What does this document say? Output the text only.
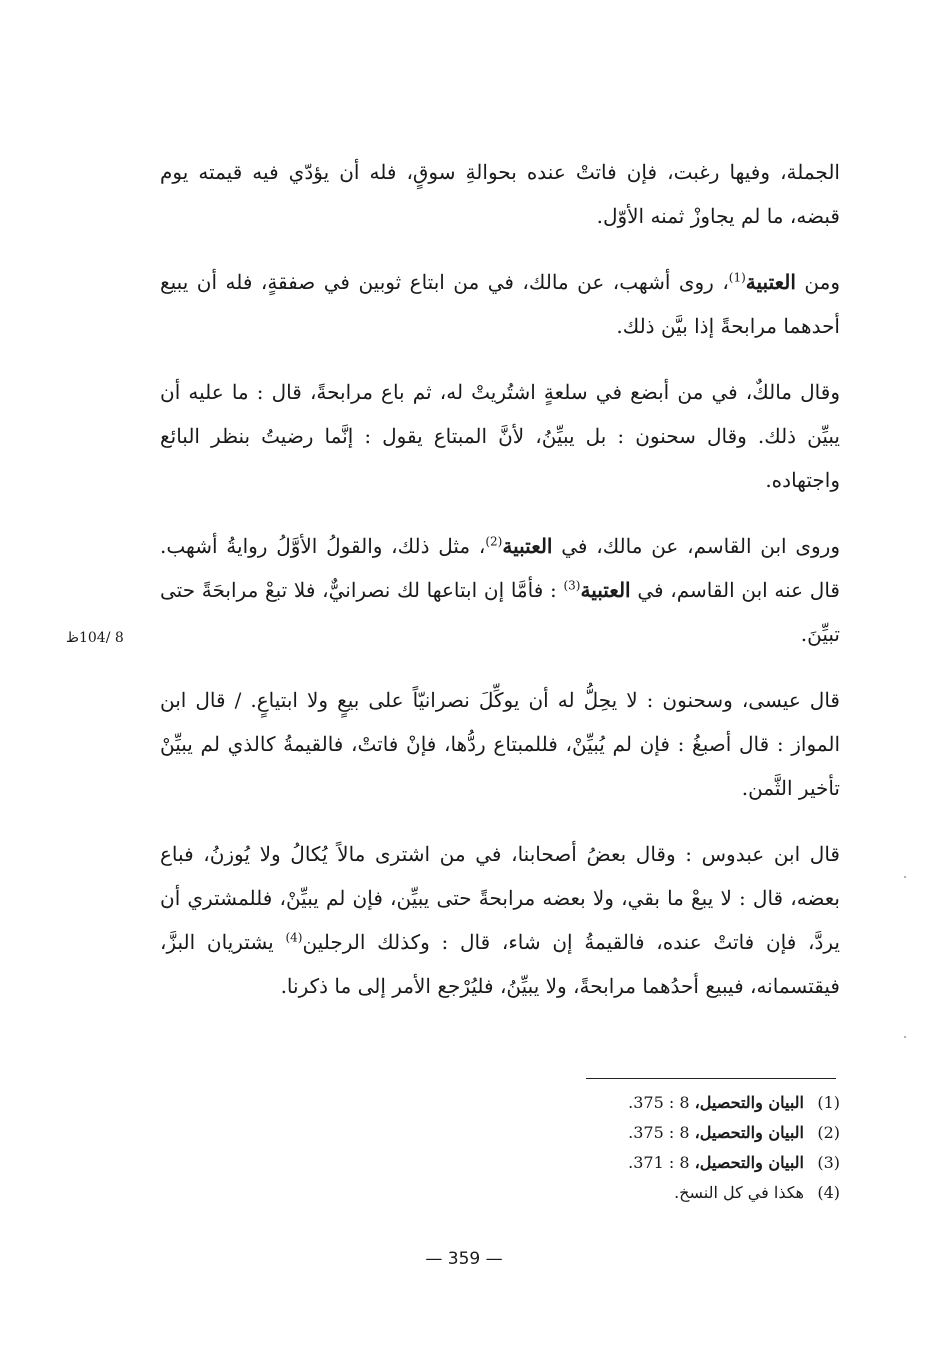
الجملة، وفيها رغبت، فإن فاتتْ عنده بحوالةِ سوقٍ، فله أن يؤدّي فيه قيمته يوم قبضه، ما لم يجاوزْ ثمنه الأوّل.

ومن العتبية$^{(1)}$، روى أشهب، عن مالك، في من ابتاع ثوبين في صفقةٍ، فله أن يبيع أحدهما مرابحةً إذا بيَّن ذلك.

وقال مالكٌ، في من أبضع في سلعةٍ اشتُريتْ له، ثم باع مرابحةً، قال : ما عليه أن يبيِّن ذلك. وقال سحنون : بل يبيِّنُ، لأنَّ المبتاع يقول : إنَّما رضيتُ بنظر البائع واجتهاده.

وروى ابن القاسم، عن مالك، في العتبية$^{(2)}$، مثل ذلك، والقولُ الأوَّلُ روايةُ أشهب. قال عنه ابن القاسم، في العتبية$^{(3)}$ : فأمَّا إن ابتاعها لك نصرانيٌّ، فلا تبعْ مرابحَةً حتى تبيِّنَ.

قال عيسى، وسحنون : لا يحِلُّ له أن يوكِّلَ نصرانيّاً على بيعٍ ولا ابتياعٍ. / قال ابن المواز : قال أصبغُ : فإن لم يُبيِّنْ، فللمبتاع ردُّها، فإنْ فاتتْ، فالقيمةُ كالذي لم يبيِّنْ تأخير الثَّمن.

قال ابن عبدوس : وقال بعضُ أصحابنا، في من اشترى مالاً يُكالُ ولا يُوزنُ، فباع بعضه، قال : لا يبعْ ما بقي، ولا بعضه مرابحةً حتى يبيِّن، فإن لم يبيِّنْ، فللمشتري أن يردَّ، فإن فاتتْ عنده، فالقيمةُ إن شاء، قال : وكذلك الرجلين$^{(4)}$ يشتريان البزَّ، فيقتسمانه، فيبيع أحدُهما مرابحةً، ولا يبيِّنُ، فليُرْجع الأمر إلى ما ذكرنا.

8 /104ظ
(1)
البيان والتحصيل، 8 : 375.
(2)
البيان والتحصيل، 8 : 375.
(3)
البيان والتحصيل، 8 : 371.
(4)
هكذا في كل النسخ.
— 359 —
